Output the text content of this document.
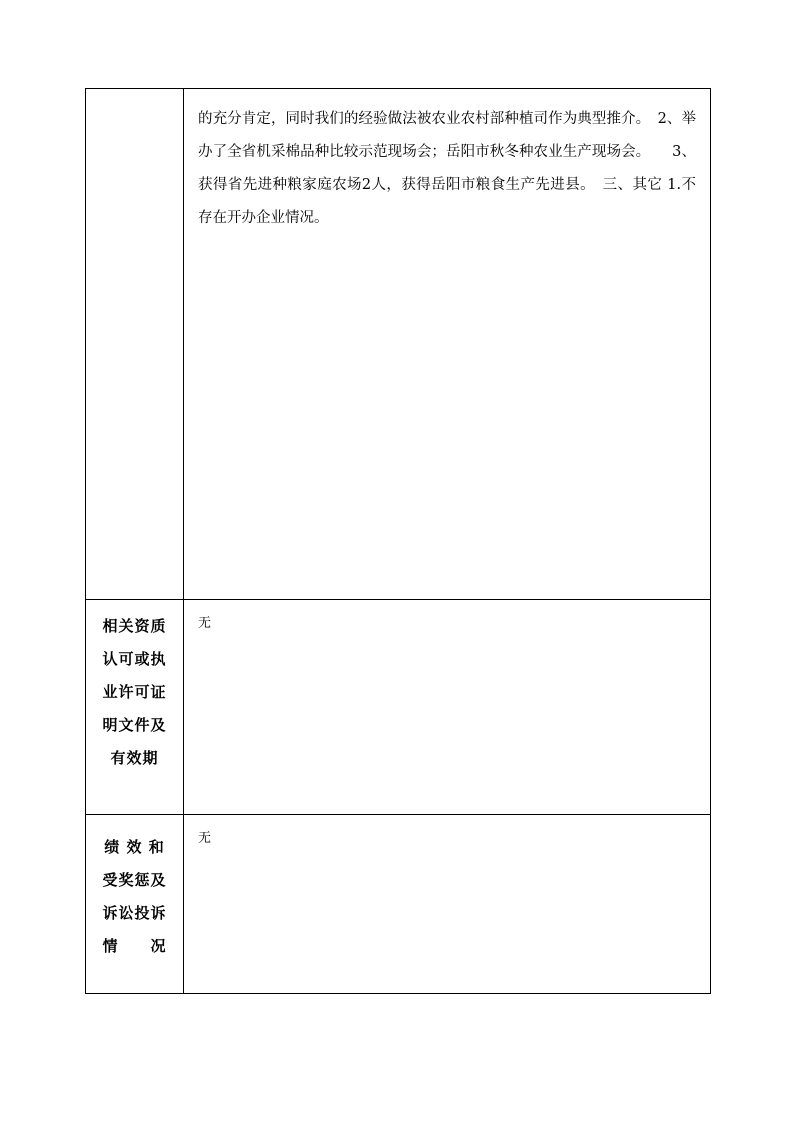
	的充分肯定，同时我们的经验做法被农业农村部种植司作为典型推介。　2、举办了全省机采棉品种比较示范现场会；岳阳市秋冬种农业生产现场会。　　3、获得省先进种粮家庭农场2人，获得岳阳市粮食生产先进县。　三、其它 1.不存在开办企业情况。

相关资质
认可或执
业许可证
明文件及
有效期	无

绩 效 和
受奖惩及
诉讼投诉
情　　况	无
